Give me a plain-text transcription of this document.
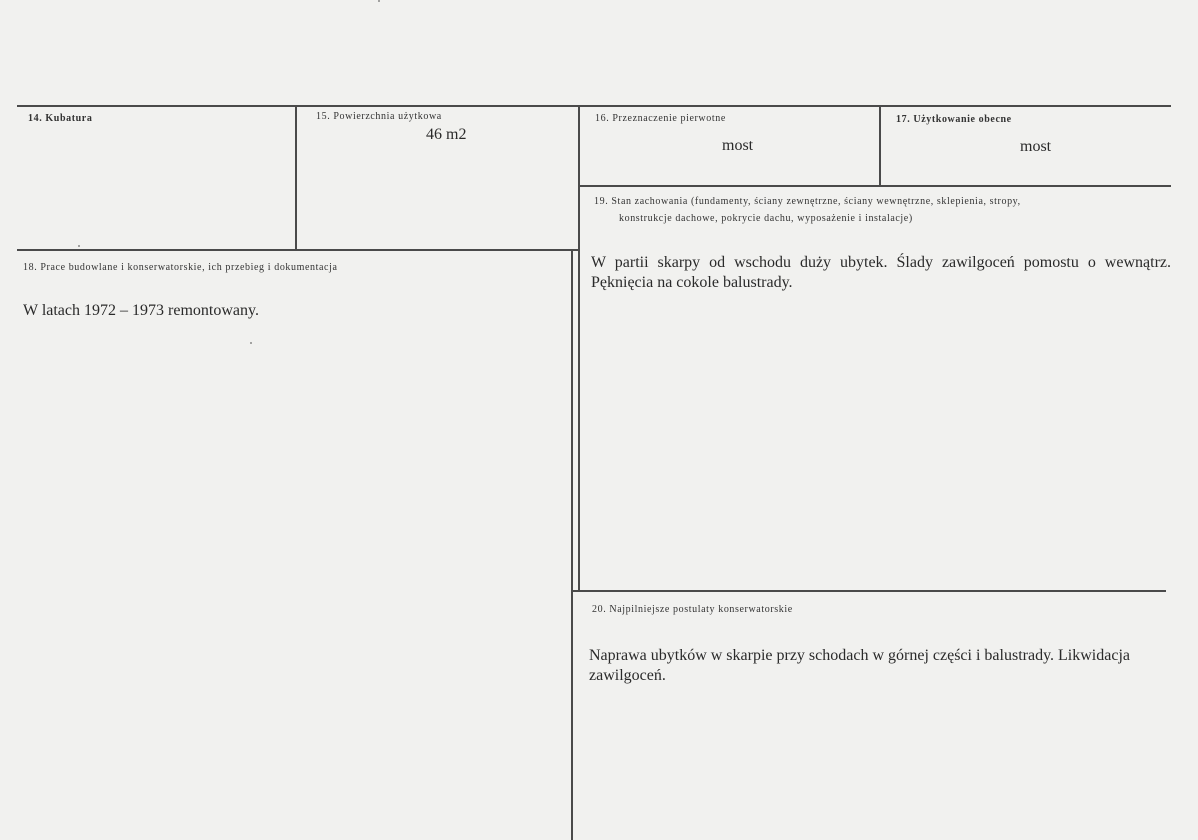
14. Kubatura	15. Powierzchnia użytkowa
46 m2
16. Przeznaczenie pierwotne
most
17. Użytkowanie obecne
most
19. Stan zachowania (fundamenty, ściany zewnętrzne, ściany wewnętrzne, sklepienia, stropy,
konstrukcje dachowe, pokrycie dachu, wyposażenie i instalacje)
W partii skarpy od wschodu duży ubytek. Ślady zawilgoceń pomostu o wewnątrz. Pęknięcia na cokole balustrady.
18. Prace budowlane i konserwatorskie, ich przebieg i dokumentacja
W latach 1972 – 1973 remontowany.
20. Najpilniejsze postulaty konserwatorskie
Naprawa ubytków w skarpie przy schodach w górnej części i balustrady. Likwidacja zawilgoceń.
